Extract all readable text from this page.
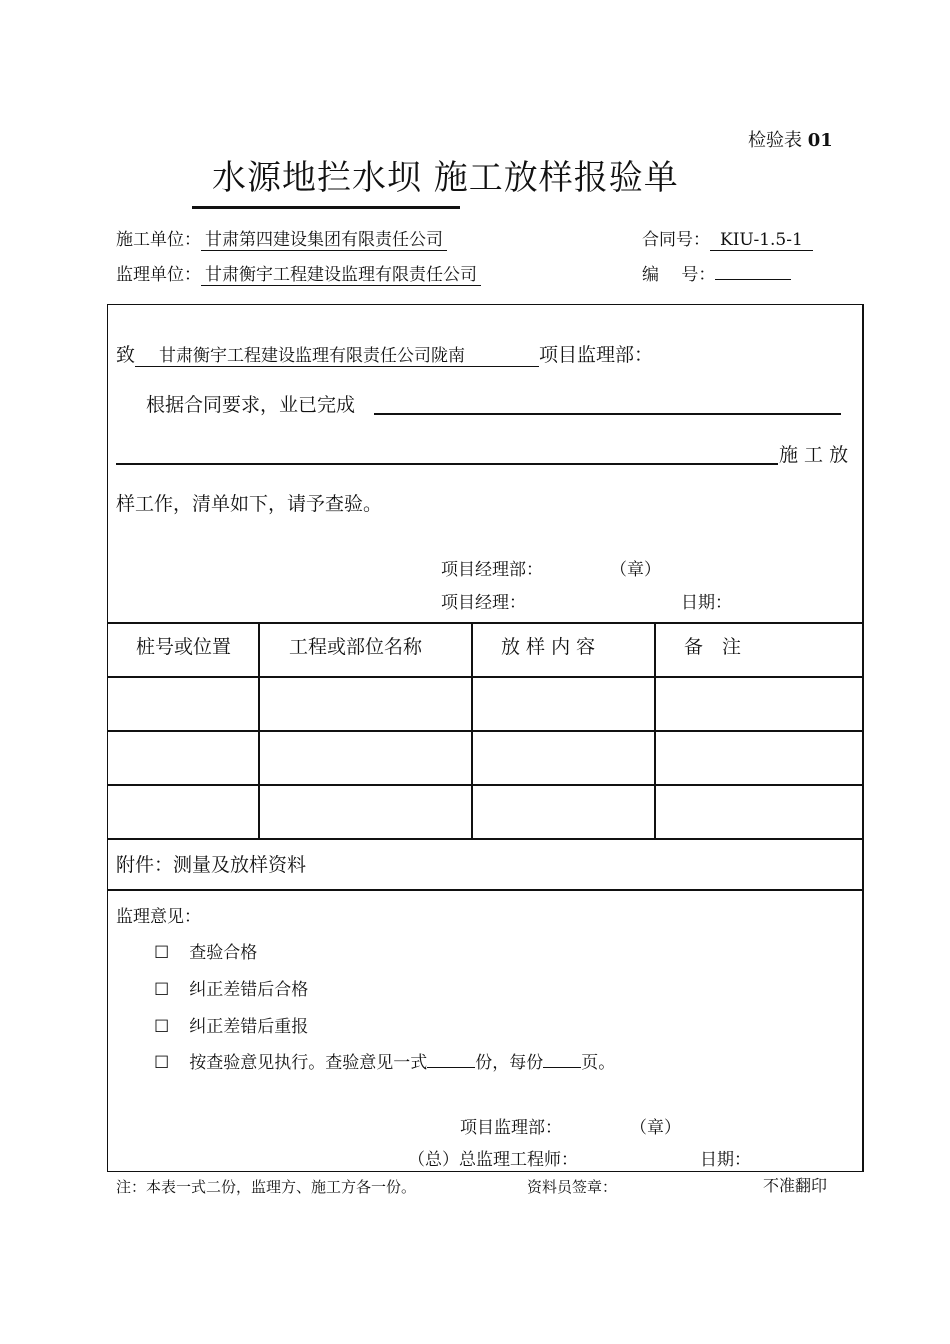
检验表 01
水源地拦水坝 施工放样报验单
施工单位： 甘肃第四建设集团有限责任公司	合同号： KIU-1.5-1
监理单位： 甘肃衡宇工程建设监理有限责任公司	编　 号：
致 甘肃衡宇工程建设监理有限责任公司陇南	项目监理部：
根据合同要求，业已完成
施 工 放
样工作，清单如下，请予查验。
项目经理部：	（章）
项目经理：	日期：
桩号或位置	工程或部位名称	放 样 内 容	备　注
附件：测量及放样资料
监理意见：
☐ 查验合格
☐ 纠正差错后合格
☐ 纠正差错后重报
☐ 按查验意见执行。查验意见一式	份，每份 页。
项目监理部：	（章）
（总）总监理工程师：	日期：
注：本表一式二份，监理方、施工方各一份。	资料员签章：	不准翻印
